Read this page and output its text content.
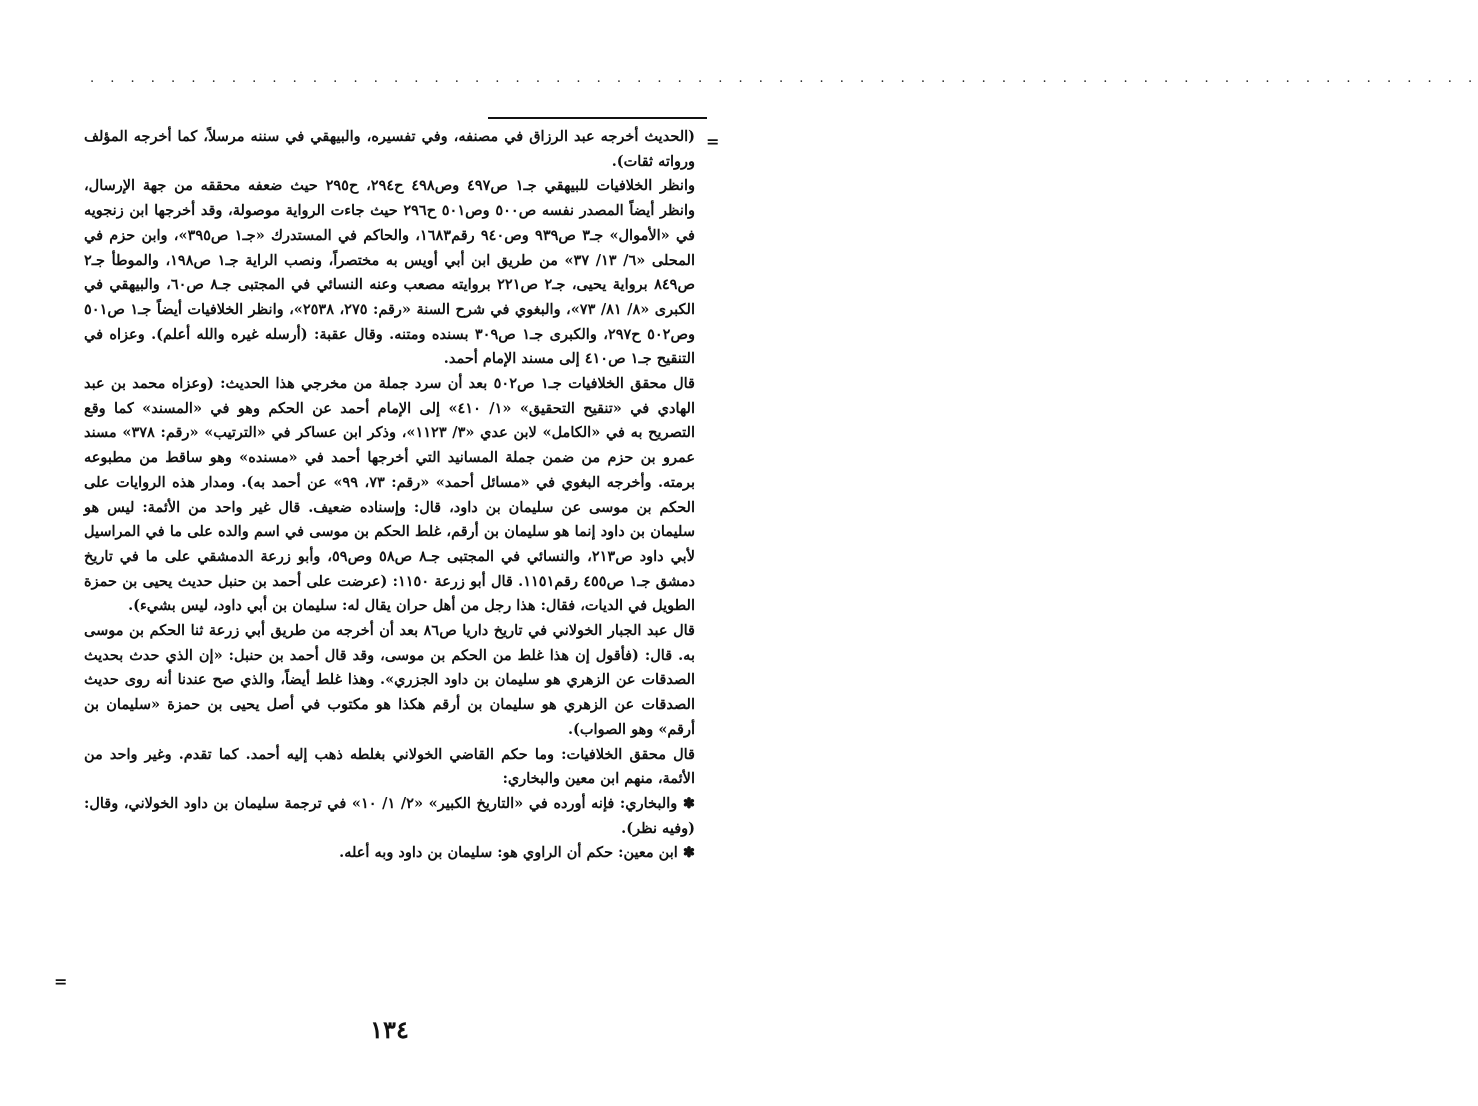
. . . . . . . . . . . . . . . . . . . . . . . . . . . . . . . . . . . . . . . . . . . . . . . . . . . . . . . . . . . . . . . . . . . . .
=

(الحديث أخرجه عبد الرزاق في مصنفه، وفي تفسيره، والبيهقي في سننه مرسلاً، كما أخرجه المؤلف ورواته ثقات).

وانظر الخلافيات للبيهقي جـ١ ص٤٩٧ وص٤٩٨ ح٢٩٤، ح٢٩٥ حيث ضعفه محققه من جهة الإرسال، وانظر أيضاً المصدر نفسه ص٥٠٠ وص٥٠١ ح٢٩٦ حيث جاءت الرواية موصولة، وقد أخرجها ابن زنجويه في «الأموال» جـ٣ ص٩٣٩ وص٩٤٠ رقم١٦٨٣، والحاكم في المستدرك «جـ١ ص٣٩٥»، وابن حزم في المحلى «٦/ ١٣/ ٣٧» من طريق ابن أبي أويس به مختصراً، ونصب الراية جـ١ ص١٩٨، والموطأ جـ٢ ص٨٤٩ برواية يحيى، جـ٢ ص٢٢١ بروايته مصعب وعنه النسائي في المجتبى جـ٨ ص٦٠، والبيهقي في الكبرى «٨/ ٨١/ ٧٣»، والبغوي في شرح السنة «رقم: ٢٧٥، ٢٥٣٨»، وانظر الخلافيات أيضاً جـ١ ص٥٠١ وص٥٠٢ ح٢٩٧، والكبرى جـ١ ص٣٠٩ بسنده ومتنه. وقال عقبة: (أرسله غيره والله أعلم). وعزاه في التنقيح جـ١ ص٤١٠ إلى مسند الإمام أحمد.

قال محقق الخلافيات جـ١ ص٥٠٢ بعد أن سرد جملة من مخرجي هذا الحديث: (وعزاه محمد بن عبد الهادي في «تنقيح التحقيق» «١/ ٤١٠» إلى الإمام أحمد عن الحكم وهو في «المسند» كما وقع التصريح به في «الكامل» لابن عدي «٣/ ١١٢٣»، وذكر ابن عساكر في «الترتيب» «رقم: ٣٧٨» مسند عمرو بن حزم من ضمن جملة المسانيد التي أخرجها أحمد في «مسنده» وهو ساقط من مطبوعه برمته. وأخرجه البغوي في «مسائل أحمد» «رقم: ٧٣، ٩٩» عن أحمد به). ومدار هذه الروايات على الحكم بن موسى عن سليمان بن داود، قال: وإسناده ضعيف. قال غير واحد من الأئمة: ليس هو سليمان بن داود إنما هو سليمان بن أرقم، غلط الحكم بن موسى في اسم والده على ما في المراسيل لأبي داود ص٢١٣، والنسائي في المجتبى جـ٨ ص٥٨ وص٥٩، وأبو زرعة الدمشقي على ما في تاريخ دمشق جـ١ ص٤٥٥ رقم١١٥١. قال أبو زرعة ١١٥٠: (عرضت على أحمد بن حنبل حديث يحيى بن حمزة الطويل في الديات، فقال: هذا رجل من أهل حران يقال له: سليمان بن أبي داود، ليس بشيء).

قال عبد الجبار الخولاني في تاريخ داريا ص٨٦ بعد أن أخرجه من طريق أبي زرعة ثنا الحكم بن موسى به. قال: (فأقول إن هذا غلط من الحكم بن موسى، وقد قال أحمد بن حنبل: «إن الذي حدث بحديث الصدقات عن الزهري هو سليمان بن داود الجزري». وهذا غلط أيضاً، والذي صح عندنا أنه روى حديث الصدقات عن الزهري هو سليمان بن أرقم هكذا هو مكتوب في أصل يحيى بن حمزة «سليمان بن أرقم» وهو الصواب).

قال محقق الخلافيات: وما حكم القاضي الخولاني بغلطه ذهب إليه أحمد. كما تقدم. وغير واحد من الأئمة، منهم ابن معين والبخاري:

✽ والبخاري: فإنه أورده في «التاريخ الكبير» «٢/ ١/ ١٠» في ترجمة سليمان بن داود الخولاني، وقال: (وفيه نظر).

✽ ابن معين: حكم أن الراوي هو: سليمان بن داود وبه أعله.

=
١٣٤
